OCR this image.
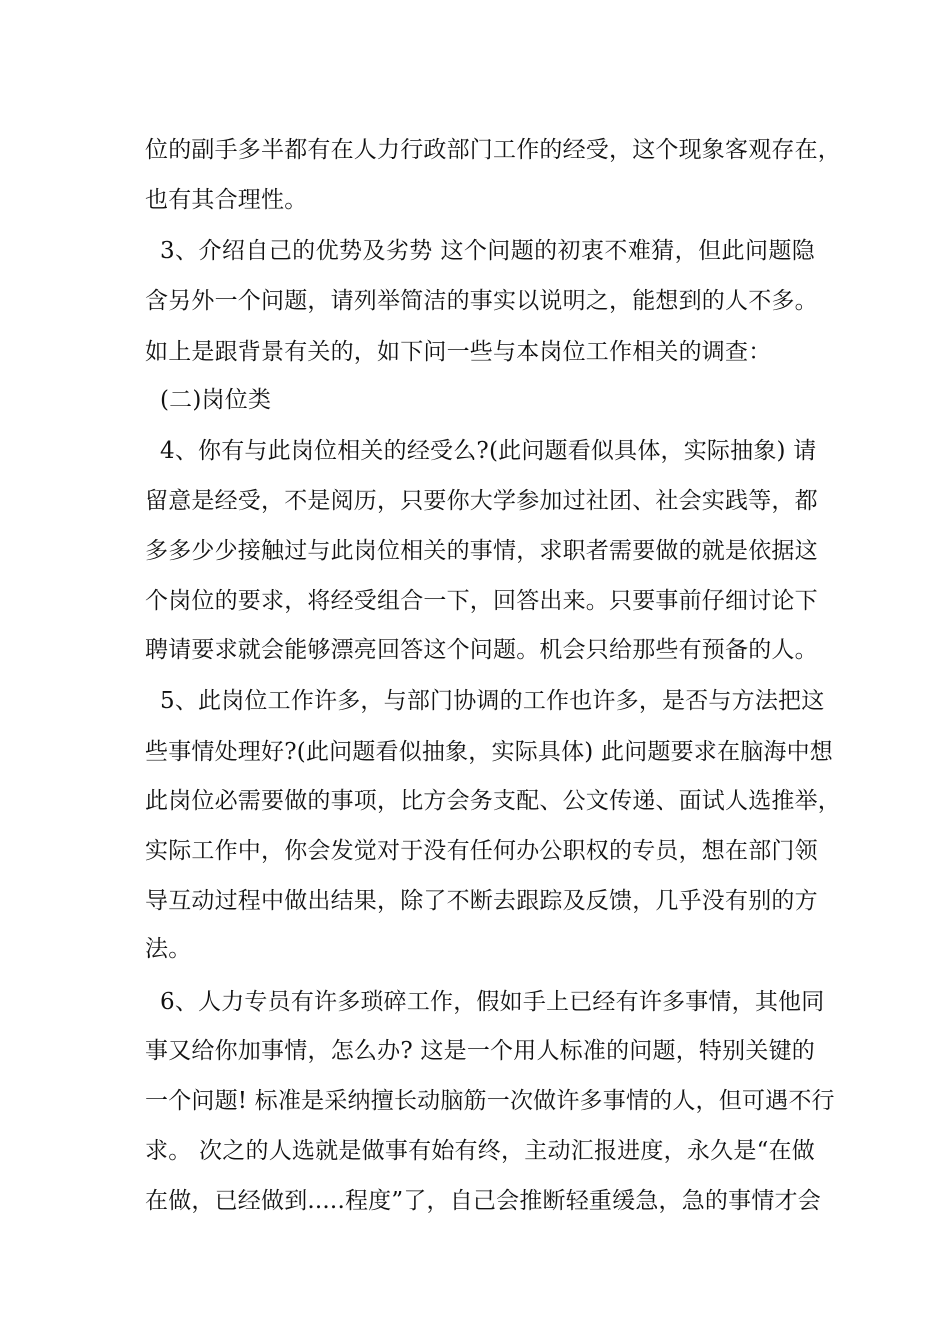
位的副手多半都有在人力行政部门工作的经受，这个现象客观存在，
也有其合理性。
3、介绍自己的优势及劣势 这个问题的初衷不难猜，但此问题隐
含另外一个问题，请列举简洁的事实以说明之，能想到的人不多。
如上是跟背景有关的，如下问一些与本岗位工作相关的调查：
(二)岗位类
4、你有与此岗位相关的经受么?(此问题看似具体，实际抽象) 请
留意是经受，不是阅历，只要你大学参加过社团、社会实践等，都
多多少少接触过与此岗位相关的事情，求职者需要做的就是依据这
个岗位的要求，将经受组合一下，回答出来。只要事前仔细讨论下
聘请要求就会能够漂亮回答这个问题。机会只给那些有预备的人。
5、此岗位工作许多，与部门协调的工作也许多，是否与方法把这
些事情处理好?(此问题看似抽象，实际具体) 此问题要求在脑海中想
此岗位必需要做的事项，比方会务支配、公文传递、面试人选推举，
实际工作中，你会发觉对于没有任何办公职权的专员，想在部门领
导互动过程中做出结果，除了不断去跟踪及反馈，几乎没有别的方
法。
6、人力专员有许多琐碎工作，假如手上已经有许多事情，其他同
事又给你加事情，怎么办? 这是一个用人标准的问题，特别关键的
一个问题! 标准是采纳擅长动脑筋一次做许多事情的人，但可遇不行
求。 次之的人选就是做事有始有终，主动汇报进度，永久是“在做
在做，已经做到.....程度”了，自己会推断轻重缓急，急的事情才会
